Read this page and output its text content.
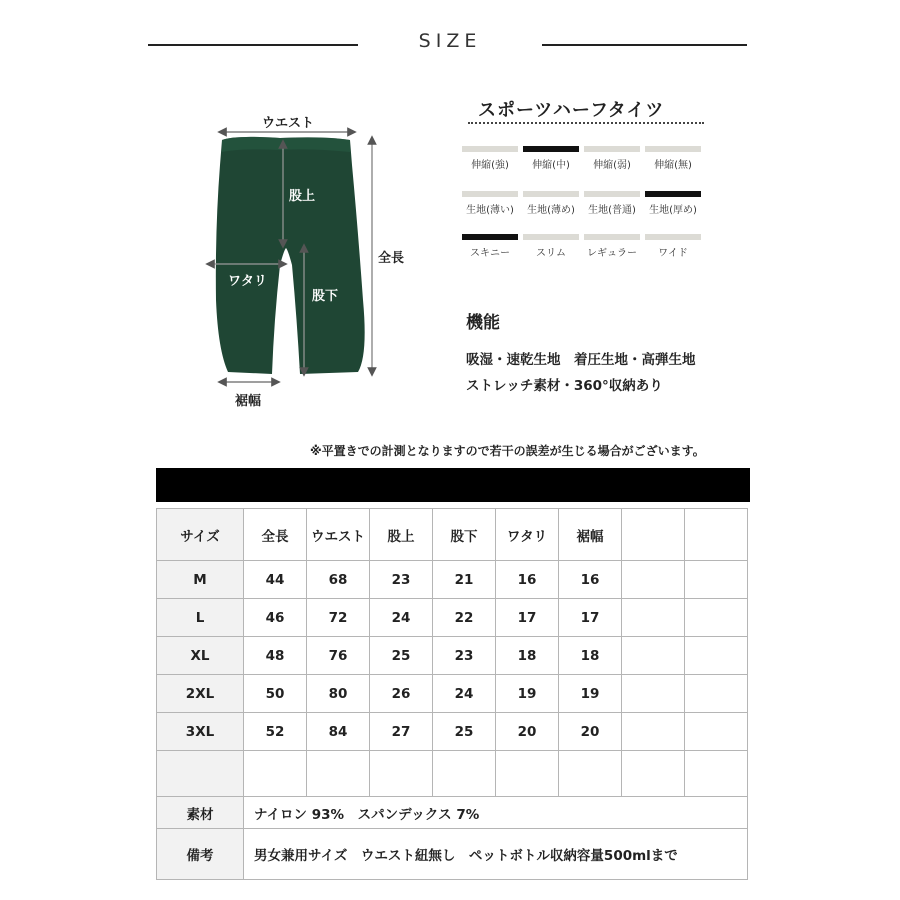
SIZE
ウエスト
股上
全長
ワタリ
股下
裾幅
スポーツハーフタイツ
伸縮(強)	伸縮(中)	伸縮(弱)	伸縮(無)
生地(薄い)	生地(薄め)	生地(普通)	生地(厚め)
スキニー	スリム	レギュラー	ワイド
機能
吸湿・速乾生地　着圧生地・高弾生地
ストレッチ素材・360°収納あり
※平置きでの計測となりますので若干の誤差が生じる場合がございます。
サイズ	全長	ウエスト	股上	股下	ワタリ	裾幅		
M	44	68	23	21	16	16		
L	46	72	24	22	17	17		
XL	48	76	25	23	18	18		
2XL	50	80	26	24	19	19		
3XL	52	84	27	25	20	20		

素材	ナイロン 93%　スパンデックス 7%							
備考	男女兼用サイズ　ウエスト紐無し　ペットボトル収納容量500mlまで							
